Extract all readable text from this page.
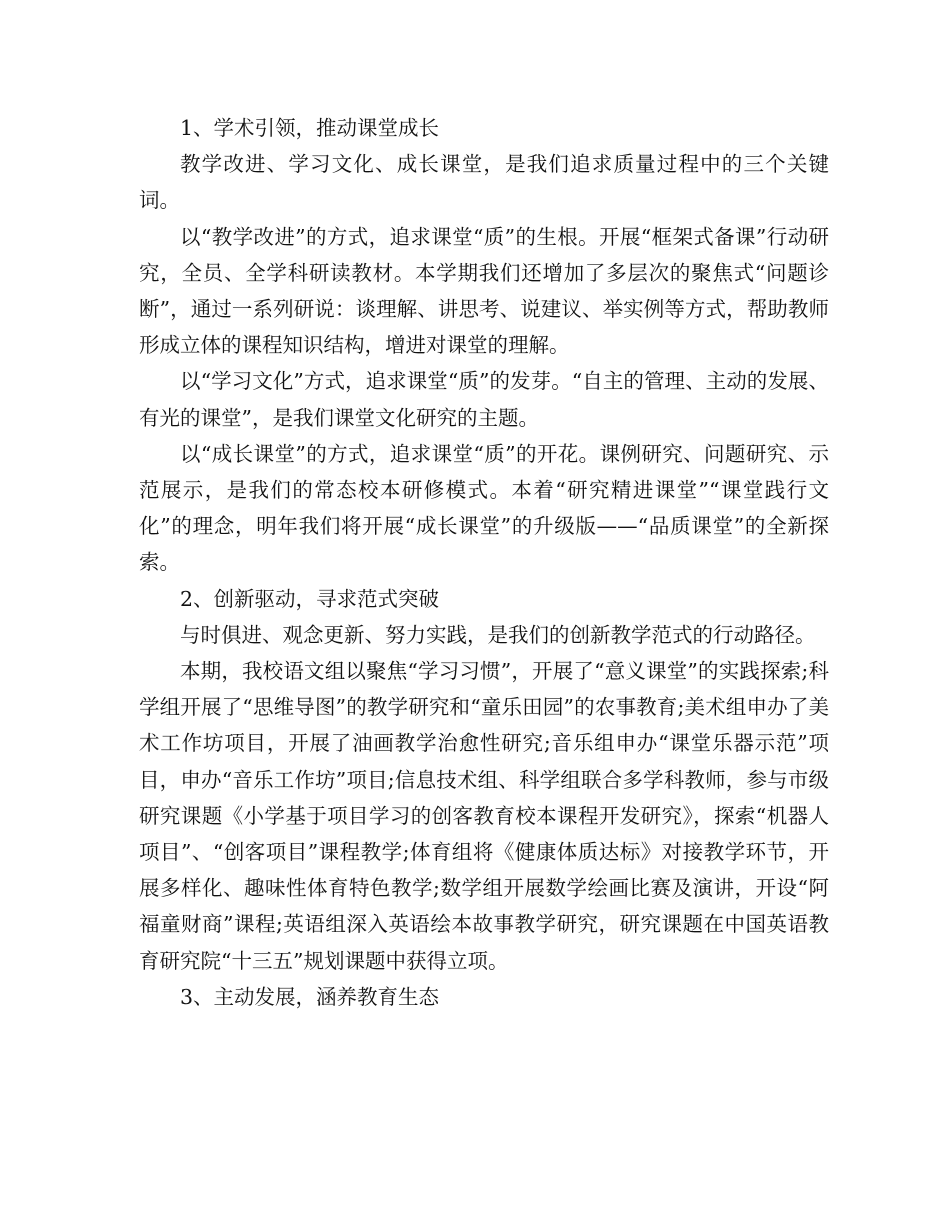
1、学术引领，推动课堂成长

教学改进、学习文化、成长课堂，是我们追求质量过程中的三个关键词。

以“教学改进”的方式，追求课堂“质”的生根。开展“框架式备课”行动研究，全员、全学科研读教材。本学期我们还增加了多层次的聚焦式“问题诊断”，通过一系列研说：谈理解、讲思考、说建议、举实例等方式，帮助教师形成立体的课程知识结构，增进对课堂的理解。

以“学习文化”方式，追求课堂“质”的发芽。“自主的管理、主动的发展、有光的课堂”，是我们课堂文化研究的主题。

以“成长课堂”的方式，追求课堂“质”的开花。课例研究、问题研究、示范展示，是我们的常态校本研修模式。本着“研究精进课堂”“课堂践行文化”的理念，明年我们将开展“成长课堂”的升级版——“品质课堂”的全新探索。

2、创新驱动，寻求范式突破

与时俱进、观念更新、努力实践，是我们的创新教学范式的行动路径。

本期，我校语文组以聚焦“学习习惯”，开展了“意义课堂”的实践探索;科学组开展了“思维导图”的教学研究和“童乐田园”的农事教育;美术组申办了美术工作坊项目，开展了油画教学治愈性研究;音乐组申办“课堂乐器示范”项目，申办“音乐工作坊”项目;信息技术组、科学组联合多学科教师，参与市级研究课题《小学基于项目学习的创客教育校本课程开发研究》，探索“机器人项目”、“创客项目”课程教学;体育组将《健康体质达标》对接教学环节，开展多样化、趣味性体育特色教学;数学组开展数学绘画比赛及演讲，开设“阿福童财商”课程;英语组深入英语绘本故事教学研究，研究课题在中国英语教育研究院“十三五”规划课题中获得立项。

3、主动发展，涵养教育生态
